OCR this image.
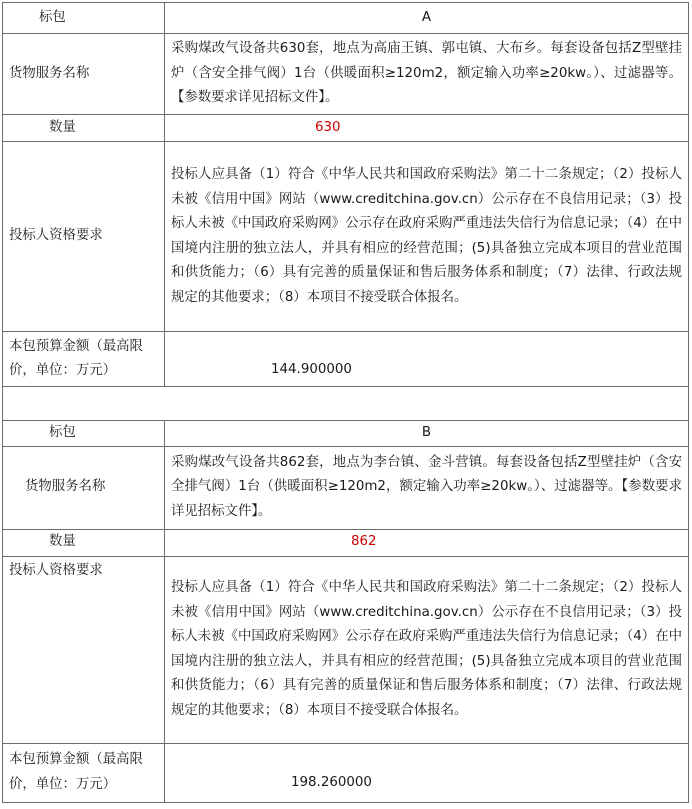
标包	A
货物服务名称	采购煤改气设备共630套，地点为高庙王镇、郭屯镇、大布乡。每套设备包括Z型壁挂炉（含安全排气阀）1台（供暖面积≥120m2，额定输入功率≥20kw。）、过滤器等。【参数要求详见招标文件】。
数量	630
投标人资格要求	投标人应具备（1）符合《中华人民共和国政府采购法》第二十二条规定；（2）投标人未被《信用中国》网站（www.creditchina.gov.cn）公示存在不良信用记录；（3）投标人未被《中国政府采购网》公示存在政府采购严重违法失信行为信息记录；（4）在中国境内注册的独立法人，并具有相应的经营范围；(5)具备独立完成本项目的营业范围和供货能力；（6）具有完善的质量保证和售后服务体系和制度；（7）法律、行政法规规定的其他要求；（8）本项目不接受联合体报名。
本包预算金额（最高限价，单位：万元）	144.900000

标包	B
货物服务名称	采购煤改气设备共862套，地点为李台镇、金斗营镇。每套设备包括Z型壁挂炉（含安全排气阀）1台（供暖面积≥120m2，额定输入功率≥20kw。）、过滤器等。【参数要求详见招标文件】。
数量	862
投标人资格要求	投标人应具备（1）符合《中华人民共和国政府采购法》第二十二条规定；（2）投标人未被《信用中国》网站（www.creditchina.gov.cn）公示存在不良信用记录；（3）投标人未被《中国政府采购网》公示存在政府采购严重违法失信行为信息记录；（4）在中国境内注册的独立法人，并具有相应的经营范围；(5)具备独立完成本项目的营业范围和供货能力；（6）具有完善的质量保证和售后服务体系和制度；（7）法律、行政法规规定的其他要求；（8）本项目不接受联合体报名。
本包预算金额（最高限价，单位：万元）	198.260000
